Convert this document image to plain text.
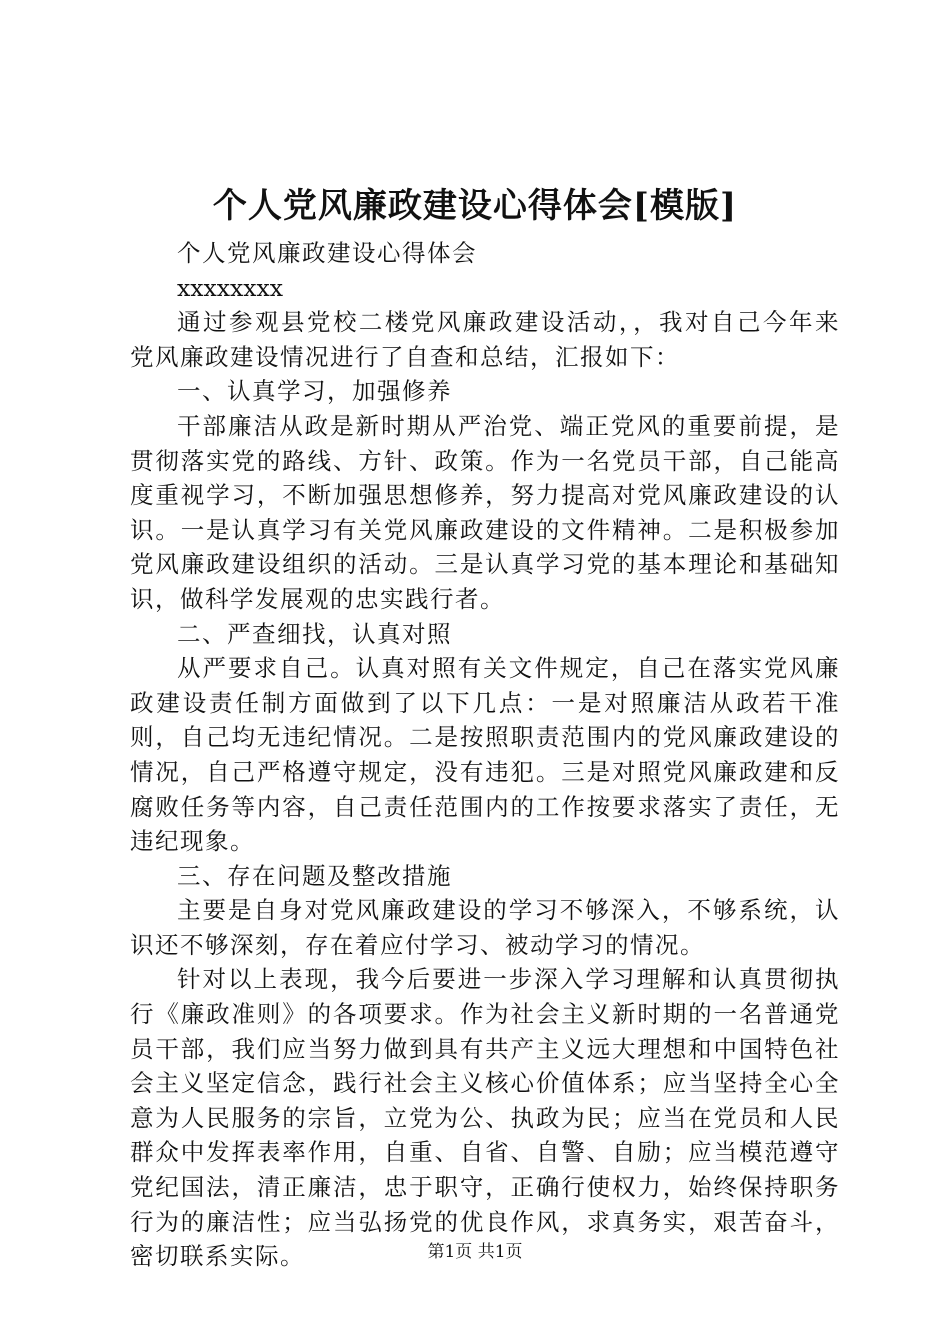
个人党风廉政建设心得体会[模版]

个人党风廉政建设心得体会

xxxxxxxx

通过参观县党校二楼党风廉政建设活动，，我对自己今年来党风廉政建设情况进行了自查和总结，汇报如下：

一、认真学习，加强修养

干部廉洁从政是新时期从严治党、端正党风的重要前提，是贯彻落实党的路线、方针、政策。作为一名党员干部，自己能高度重视学习，不断加强思想修养，努力提高对党风廉政建设的认识。一是认真学习有关党风廉政建设的文件精神。二是积极参加党风廉政建设组织的活动。三是认真学习党的基本理论和基础知识，做科学发展观的忠实践行者。

二、严查细找，认真对照

从严要求自己。认真对照有关文件规定，自己在落实党风廉政建设责任制方面做到了以下几点：一是对照廉洁从政若干准则，自己均无违纪情况。二是按照职责范围内的党风廉政建设的情况，自己严格遵守规定，没有违犯。三是对照党风廉政建和反腐败任务等内容，自己责任范围内的工作按要求落实了责任，无违纪现象。

三、存在问题及整改措施

主要是自身对党风廉政建设的学习不够深入，不够系统，认识还不够深刻，存在着应付学习、被动学习的情况。

针对以上表现，我今后要进一步深入学习理解和认真贯彻执行《廉政准则》的各项要求。作为社会主义新时期的一名普通党员干部，我们应当努力做到具有共产主义远大理想和中国特色社会主义坚定信念，践行社会主义核心价值体系；应当坚持全心全意为人民服务的宗旨，立党为公、执政为民；应当在党员和人民群众中发挥表率作用，自重、自省、自警、自励；应当模范遵守党纪国法，清正廉洁，忠于职守，正确行使权力，始终保持职务行为的廉洁性；应当弘扬党的优良作风，求真务实，艰苦奋斗，密切联系实际。	第1页 共1页
